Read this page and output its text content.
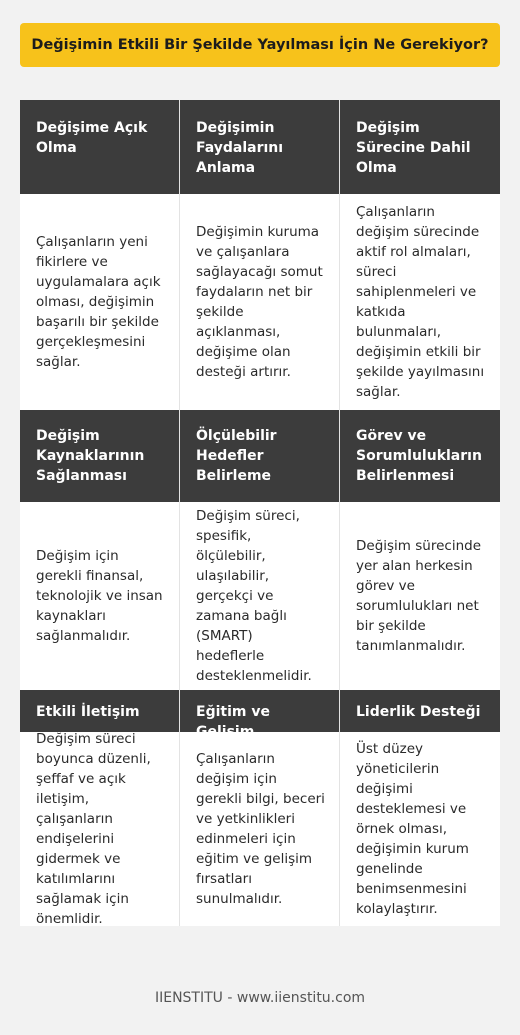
Değişimin Etkili Bir Şekilde Yayılması İçin Ne Gerekiyor?
Değişime Açık Olma
Değişimin Faydalarını Anlama
Değişim Sürecine Dahil Olma
Çalışanların yeni fikirlere ve uygulamalara açık olması, değişimin başarılı bir şekilde gerçekleşmesini sağlar.
Değişimin kuruma ve çalışanlara sağlayacağı somut faydaların net bir şekilde açıklanması, değişime olan desteği artırır.
Çalışanların değişim sürecinde aktif rol almaları, süreci sahiplenmeleri ve katkıda bulunmaları, değişimin etkili bir şekilde yayılmasını sağlar.
Değişim Kaynaklarının Sağlanması
Ölçülebilir Hedefler Belirleme
Görev ve Sorumlulukların Belirlenmesi
Değişim için gerekli finansal, teknolojik ve insan kaynakları sağlanmalıdır.
Değişim süreci, spesifik, ölçülebilir, ulaşılabilir, gerçekçi ve zamana bağlı (SMART) hedeflerle desteklenmelidir.
Değişim sürecinde yer alan herkesin görev ve sorumlulukları net bir şekilde tanımlanmalıdır.
Etkili İletişim	Eğitim ve	Liderlik Desteği
Değişim süreci boyunca düzenli, şeffaf ve açık iletişim, çalışanların endişelerini gidermek ve katılımlarını sağlamak için önemlidir.
Çalışanların değişim için gerekli bilgi, beceri ve yetkinlikleri edinmeleri için eğitim ve gelişim fırsatları sunulmalıdır.
Üst düzey yöneticilerin değişimi desteklemesi ve örnek olması, değişimin kurum genelinde benimsenmesini kolaylaştırır.
IIENSTITU - www.iienstitu.com
